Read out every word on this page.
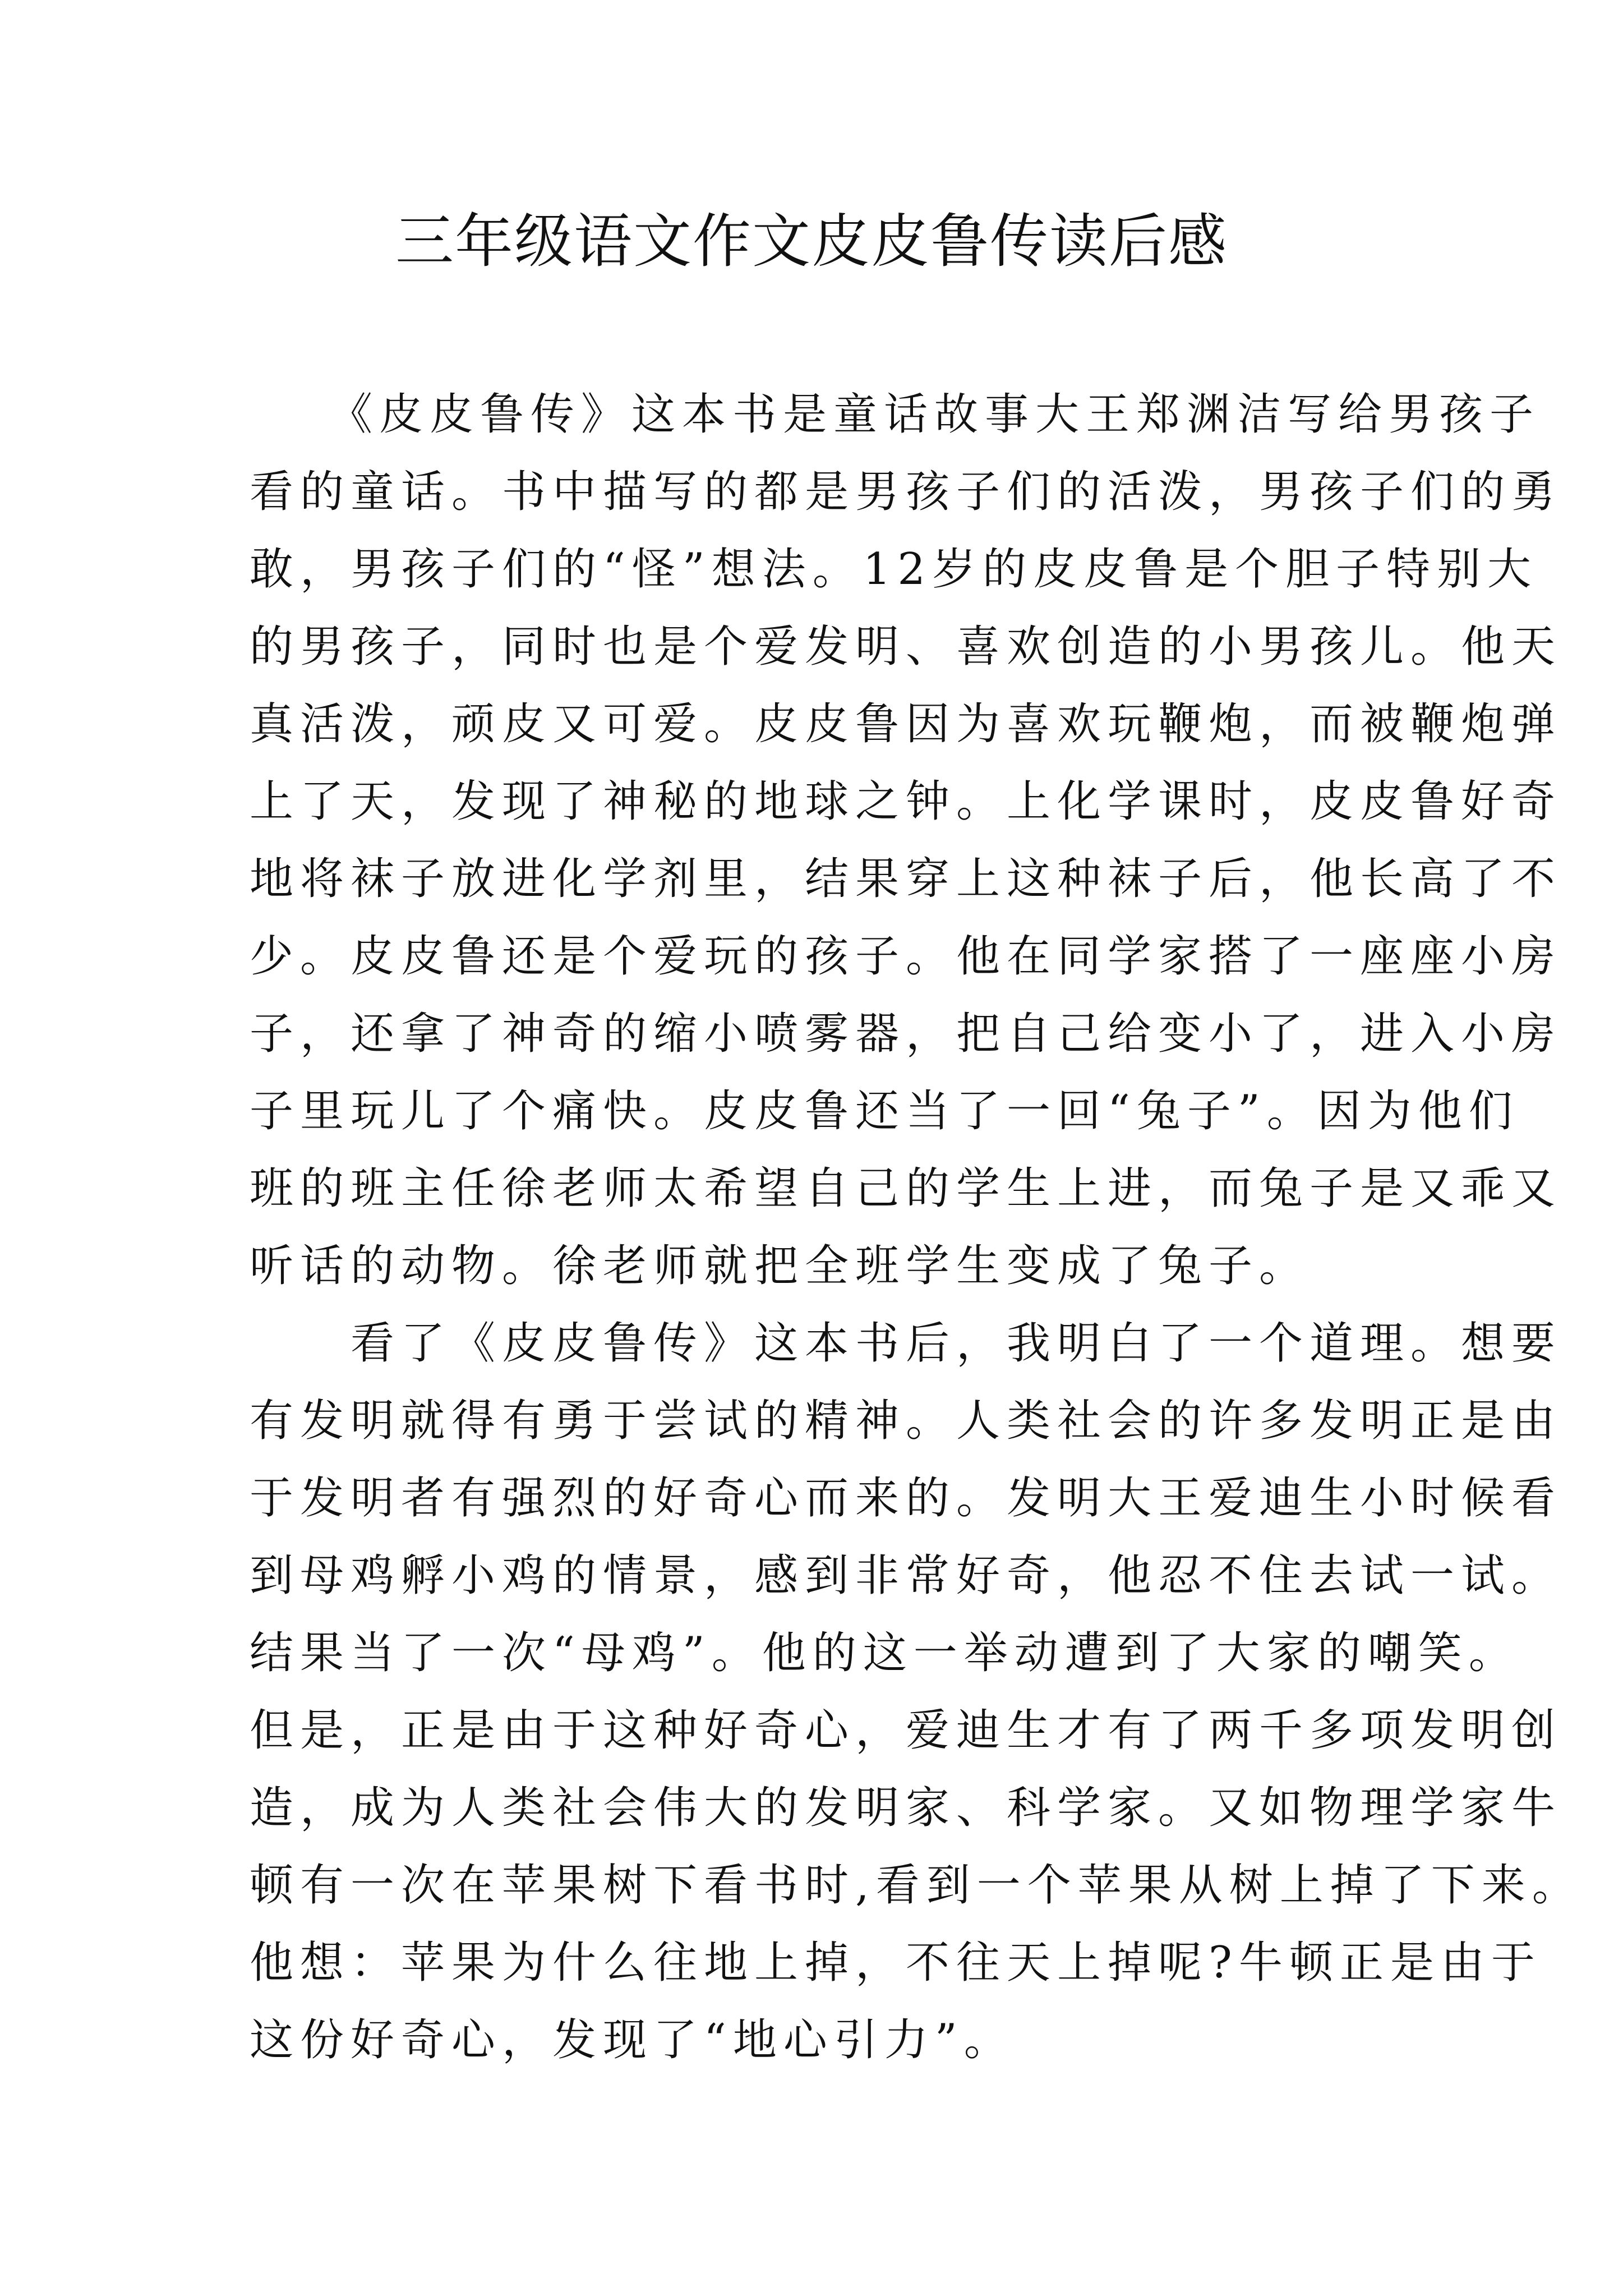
三年级语文作文皮皮鲁传读后感
　　《皮皮鲁传》这本书是童话故事大王郑渊洁写给男孩子
看的童话。书中描写的都是男孩子们的活泼，男孩子们的勇
敢，男孩子们的“怪”想法。12岁的皮皮鲁是个胆子特别大
的男孩子，同时也是个爱发明、喜欢创造的小男孩儿。他天
真活泼，顽皮又可爱。皮皮鲁因为喜欢玩鞭炮，而被鞭炮弹
上了天，发现了神秘的地球之钟。上化学课时，皮皮鲁好奇
地将袜子放进化学剂里，结果穿上这种袜子后，他长高了不
少。皮皮鲁还是个爱玩的孩子。他在同学家搭了一座座小房
子，还拿了神奇的缩小喷雾器，把自己给变小了，进入小房
子里玩儿了个痛快。皮皮鲁还当了一回“兔子”。因为他们
班的班主任徐老师太希望自己的学生上进，而兔子是又乖又
听话的动物。徐老师就把全班学生变成了兔子。
　　看了《皮皮鲁传》这本书后，我明白了一个道理。想要
有发明就得有勇于尝试的精神。人类社会的许多发明正是由
于发明者有强烈的好奇心而来的。发明大王爱迪生小时候看
到母鸡孵小鸡的情景，感到非常好奇，他忍不住去试一试。
结果当了一次“母鸡”。他的这一举动遭到了大家的嘲笑。
但是，正是由于这种好奇心，爱迪生才有了两千多项发明创
造，成为人类社会伟大的发明家、科学家。又如物理学家牛
顿有一次在苹果树下看书时,看到一个苹果从树上掉了下来。
他想：苹果为什么往地上掉，不往天上掉呢?牛顿正是由于
这份好奇心，发现了“地心引力”。
